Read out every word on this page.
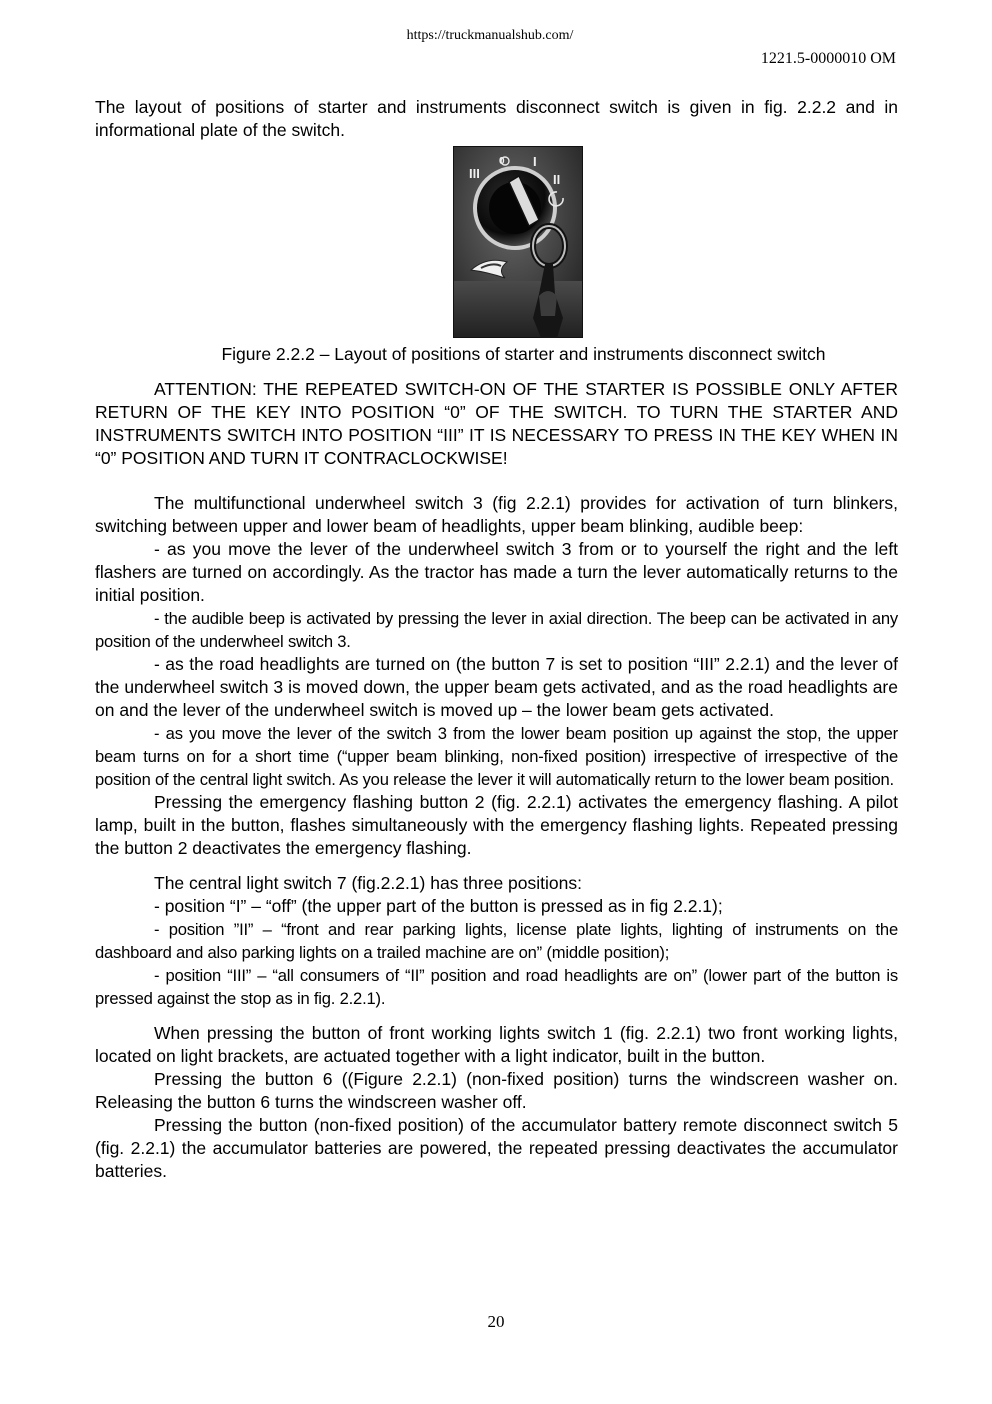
https://truckmanualshub.com/
1221.5-0000010 OM

The layout of positions of starter and instruments disconnect switch is given in fig. 2.2.2 and in informational plate of the switch.

III
0 I
II

Figure 2.2.2 – Layout of positions of starter and instruments disconnect switch

ATTENTION: THE REPEATED SWITCH-ON OF THE STARTER IS POSSIBLE ONLY AFTER RETURN OF THE KEY INTO POSITION “0” OF THE SWITCH. TO TURN THE STARTER AND INSTRUMENTS SWITCH INTO POSITION “III” IT IS NECESSARY TO PRESS IN THE KEY WHEN IN “0” POSITION AND TURN IT CONTRACLOCKWISE!

The multifunctional underwheel switch 3 (fig 2.2.1) provides for activation of turn blinkers, switching between upper and lower beam of headlights, upper beam blinking, audible beep:

- as you move the lever of the underwheel switch 3 from or to yourself the right and the left flashers are turned on accordingly. As the tractor has made a turn the lever automatically returns to the initial position.

- the audible beep is activated by pressing the lever in axial direction. The beep can be activated in any position of the underwheel switch 3.

- as the road headlights are turned on (the button 7 is set to position “III” 2.2.1) and the lever of the underwheel switch 3 is moved down, the upper beam gets activated, and as the road headlights are on and the lever of the underwheel switch is moved up – the lower beam gets activated.

- as you move the lever of the switch 3 from the lower beam position up against the stop, the upper beam turns on for a short time (“upper beam blinking, non-fixed position) irrespective of irrespective of the position of the central light switch. As you release the lever it will automatically return to the lower beam position.

Pressing the emergency flashing button 2 (fig. 2.2.1) activates the emergency flashing. A pilot lamp, built in the button, flashes simultaneously with the emergency flashing lights. Repeated pressing the button 2 deactivates the emergency flashing.

The central light switch 7 (fig.2.2.1) has three positions:

- position “I” – “off” (the upper part of the button is pressed as in fig 2.2.1);

- position ”II” – “front and rear parking lights, license plate lights, lighting of instruments on the dashboard and also parking lights on a trailed machine are on” (middle position);

- position “III” – “all consumers of “II” position and road headlights are on” (lower part of the button is pressed against the stop as in fig. 2.2.1).

When pressing the button of front working lights switch 1 (fig. 2.2.1) two front working lights, located on light brackets, are actuated together with a light indicator, built in the button.

Pressing the button 6 ((Figure 2.2.1) (non-fixed position) turns the windscreen washer on. Releasing the button 6 turns the windscreen washer off.

Pressing the button (non-fixed position) of the accumulator battery remote disconnect switch 5 (fig. 2.2.1) the accumulator batteries are powered, the repeated pressing deactivates the accumulator batteries.

20
